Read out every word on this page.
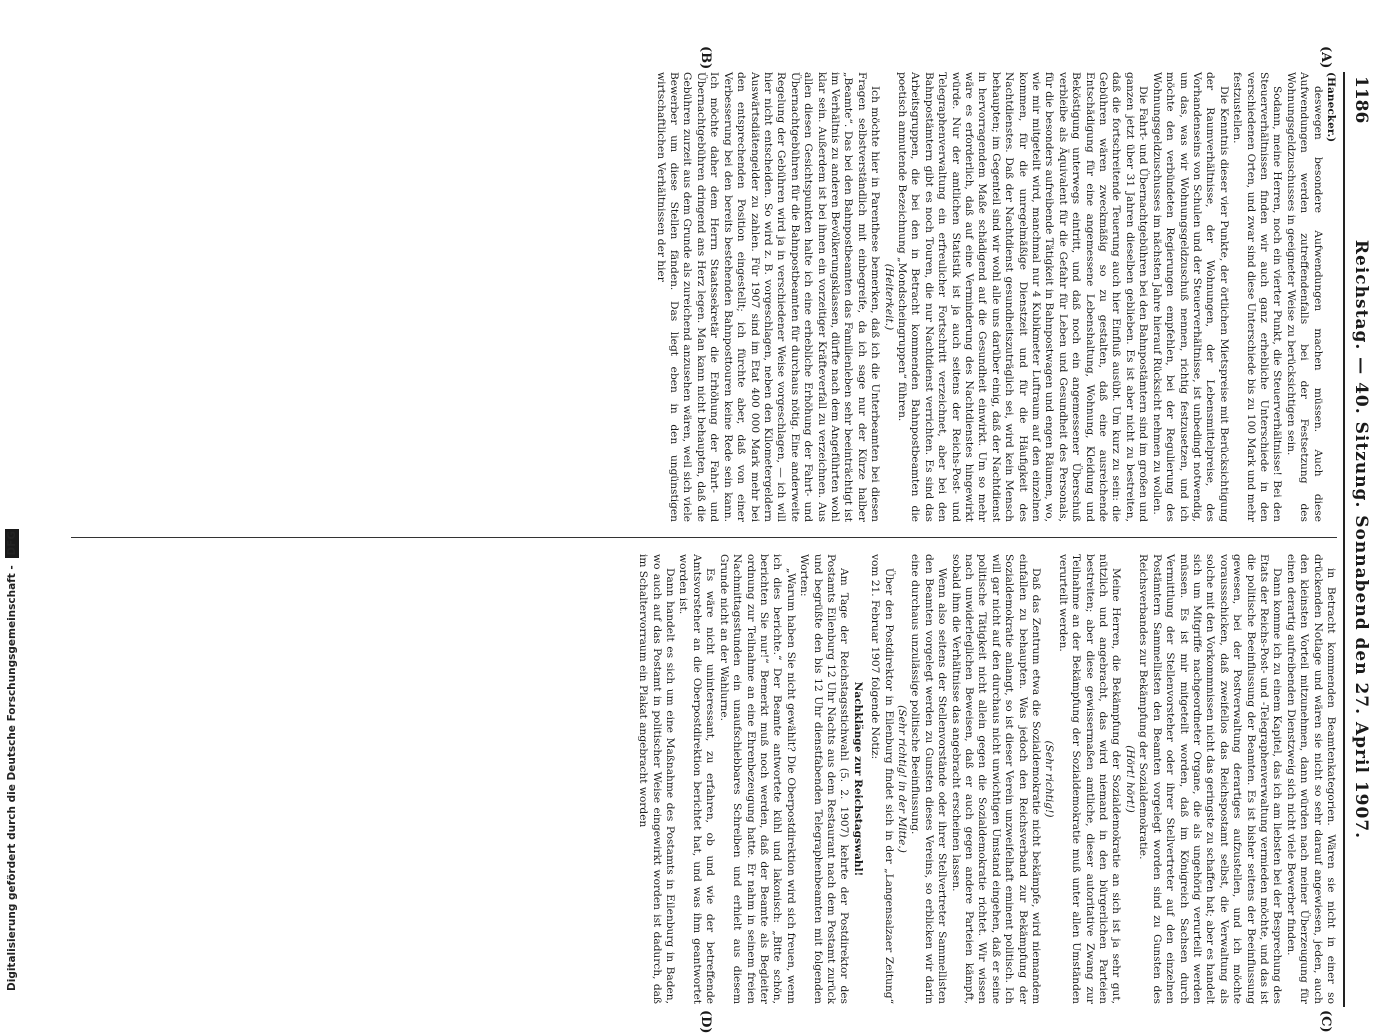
1186
Reichstag. — 40. Sitzung. Sonnabend den 27. April 1907.
(A)
(B)
(C)
(D)

(Hanecker.)

deswegen besondere Aufwendungen machen müssen. Auch diese Aufwendungen werden zutreffendenfalls bei der Festsetzung des Wohnungsgeldzuschusses in geeigneter Weise zu berücksichtigen sein.

Sodann, meine Herren, noch ein vierter Punkt, die Steuerverhältnisse! Bei den Steuerverhältnissen finden wir auch ganz erhebliche Unterschiede in den verschiedenen Orten, und zwar sind diese Unterschiede bis zu 100 Mark und mehr festzustellen.

Die Kenntnis dieser vier Punkte, der örtlichen Mietspreise mit Berücksichtigung der Raumverhältnisse, der Wohnungen, der Lebensmittelpreise, des Vorhandenseins von Schulen und der Steuerverhältnisse, ist unbedingt notwendig, um das, was wir Wohnungsgeldzuschuß nennen, richtig festzusetzen, und ich möchte den verbündeten Regierungen empfehlen, bei der Regulierung des Wohnungsgeldzuschusses im nächsten Jahre hierauf Rücksicht nehmen zu wollen.

Die Fahrt- und Übernachtgebühren bei den Bahnpostämtern sind im großen und ganzen jetzt über 31 Jahren dieselben geblieben. Es ist aber nicht zu bestreiten, daß die fortschreitende Teuerung auch hier Einfluß ausübt. Um kurz zu sein: die Gebühren wären zweckmäßig so zu gestalten, daß eine ausreichende Entschädigung für eine angemessene Lebenshaltung, Wohnung, Kleidung und Beköstigung unterwegs eintritt, und daß noch ein angemessener Überschuß verbleibe als Äquivalent für die Gefahr für Leben und Gesundheit des Personals, für die besonders aufreibende Tätigkeit in Bahnpostwagen und engen Räumen, wo, wie mir mitgeteilt wird, manchmal nur 4 Kubikmeter Luftraum auf den einzelnen kommen, für die unregelmäßige Dienstzeit und für die Häufigkeit des Nachtdienstes. Daß der Nachtdienst gesundheitszuträglich sei, wird kein Mensch behaupten; im Gegenteil sind wir wohl alle uns darüber einig, daß der Nachtdienst in hervorragendem Maße schädigend auf die Gesundheit einwirkt. Um so mehr wäre es erforderlich, daß auf eine Verminderung des Nachtdienstes hingewirkt würde. Nur der amtlichen Statistik ist ja auch seitens der Reichs-Post- und Telegraphenverwaltung ein erfreulicher Fortschritt verzeichnet, aber bei den Bahnpostämtern gibt es noch Touren, die nur Nachtdienst verrichten. Es sind das Arbeitsgruppen, die bei den in Betracht kommenden Bahnpostbeamten die poetisch anmutende Bezeichnung „Mondscheingruppen“ führen.

(Heiterkeit.)

Ich möchte hier in Parenthese bemerken, daß ich die Unterbeamten bei diesen Fragen selbstverständlich mit einbegreife, da ich sage nur der Kürze halber „Beamte“. Das bei den Bahnpostbeamten das Familienleben sehr beeinträchtigt ist im Verhältnis zu anderen Bevölkerungsklassen, dürfte nach dem Angeführten wohl klar sein. Außerdem ist bei ihnen ein vorzeitiger Kräfteverfall zu verzeichnen. Aus allen diesen Gesichtspunkten halte ich eine erhebliche Erhöhung der Fahrt- und Übernachtgebühren für die Bahnpostbeamten für durchaus nötig. Eine anderweite Regelung der Gebühren wird ja in verschiedener Weise vorgeschlagen, — ich will hier nicht entscheiden. So wird z. B. vorgeschlagen, neben den Kilometergeldern Auswärtsdiätengelder zu zahlen. Für 1907 sind im Etat 400 000 Mark mehr bei den entsprechenden Position eingestellt; ich fürchte aber, daß von einer Verbesserung bei den bereits bestehenden Bahnposttouren keine Rede sein kann. Ich möchte daher dem Herrn Staatssekretär die Erhöhung der Fahrt- und Übernachtgebühren dringend ans Herz legen. Man kann nicht behaupten, daß die Gebühren zurzeit aus dem Grunde als zureichend anzusehen wären, weil sich viele Bewerber um diese Stellen fänden. Das liegt eben in den ungünstigen wirtschaftlichen Verhältnissen der hier

in Betracht kommenden Beamtenkategorien. Wären sie nicht in einer so drückenden Notlage und wären sie nicht so sehr darauf angewiesen, jeden, auch den kleinsten Vorteil mitzunehmen, dann würden nach meiner Überzeugung für einen derartig aufreibenden Dienstzweig sich nicht viele Bewerber finden.

Dann komme ich zu einem Kapitel, das ich am liebsten bei der Besprechung des Etats der Reichs-Post- und -Telegraphenverwaltung vermieden möchte, und das ist die politische Beeinflussung der Beamten. Es ist bisher seitens der Beeinflussung gewesen, bei der Postverwaltung derartiges aufzustellen, und ich möchte voraussschicken, daß zweifellos das Reichspostamt selbst, die Verwaltung als solche mit den Vorkommnissen nicht das geringste zu schaffen hat; aber es handelt sich um Mitgriffe nachgeordneter Organe, die als ungehörig verurteilt werden müssen. Es ist mir mitgeteilt worden, daß im Königreich Sachsen durch Vermittlung der Stellenvorsteher oder ihrer Stellvertreter auf den einzelnen Postämtern Sammellisten den Beamten vorgelegt worden sind zu Gunsten des Reichsverbandes zur Bekämpfung der Sozialdemokratie.

(Hört! hört!)

Meine Herren, die Bekämpfung der Sozialdemokratie an sich ist ja sehr gut, nützlich und angebracht, das wird niemand in den bürgerlichen Parteien bestreiten; aber diese gewissermaßen amtliche, dieser autoritative Zwang zur Teilnahme an der Bekämpfung der Sozialdemokratie muß unter allen Umständen verurteilt werden.

(Sehr richtig!)

Daß das Zentrum etwa die Sozialdemokratie nicht bekämpfe, wird niemandem einfallen zu behaupten. Was jedoch den Reichsverband zur Bekämpfung der Sozialdemokratie anlangt, so ist dieser Verein unzweifelhaft eminent politisch. Ich will gar nicht auf den durchaus nicht unwichtigen Umstand eingehen, daß er seine politische Tätigkeit nicht allein gegen die Sozialdemokratie richtet. Wir wissen nach unwiderleglichen Beweisen, daß er auch gegen andere Parteien kämpft, sobald ihm die Verhältnisse das angebracht erscheinen lassen.

Wenn also seitens der Stellenvorstände oder ihrer Stellvertreter Sammellisten den Beamten vorgelegt werden zu Gunsten dieses Vereins, so erblicken wir darin eine durchaus unzulässige politische Beeinflussung.

(Sehr richtig! in der Mitte.)

Über den Postdirektor in Eilenburg findet sich in der „Langensalzaer Zeitung“ vom 21. Februar 1907 folgende Notiz:

Nachklänge zur Reichstagswahl!

Am Tage der Reichstagsstichwahl (5. 2. 1907) kehrte der Postdirektor des Postamts Eilenburg 12 Uhr Nachts aus dem Restaurant nach dem Postamt zurück und begrüßte den bis 12 Uhr dienstfabenden Telegraphenbeamten mit folgenden Worten:

„Warum haben Sie nicht gewählt? Die Oberpostdirektion wird sich freuen, wenn ich dies berichte.“ Der Beamte antwortete kühl und lakonisch: „Bitte schön, berichten Sie nur!“ Bemerkt muß noch werden, daß der Beamte als Begleiter ordnung zur Teilnahme an eine Ehrenbezeugung hatte. Er nahm in seinem freien Nachmittagsstunden ein unaufschiebbares Schreiben und erhielt aus diesem Grunde nicht an der Wahlurne.

Es wäre nicht uninteressant, zu erfahren, ob und wie der betreffende Amtsvorsteher an die Oberpostdirektion berichtet hat, und was ihm geantwortet worden ist.

Dann handelt es sich um eine Maßnahme des Postamts in Eilenburg in Baden, wo auch auf das Postamt in politischer Weise eingewirkt worden ist dadurch, daß im Schaltervorraum ein Plakat angebracht worden

Digitalisierung gefördert durch die Deutsche Forschungsgemeinschaft - DFG
